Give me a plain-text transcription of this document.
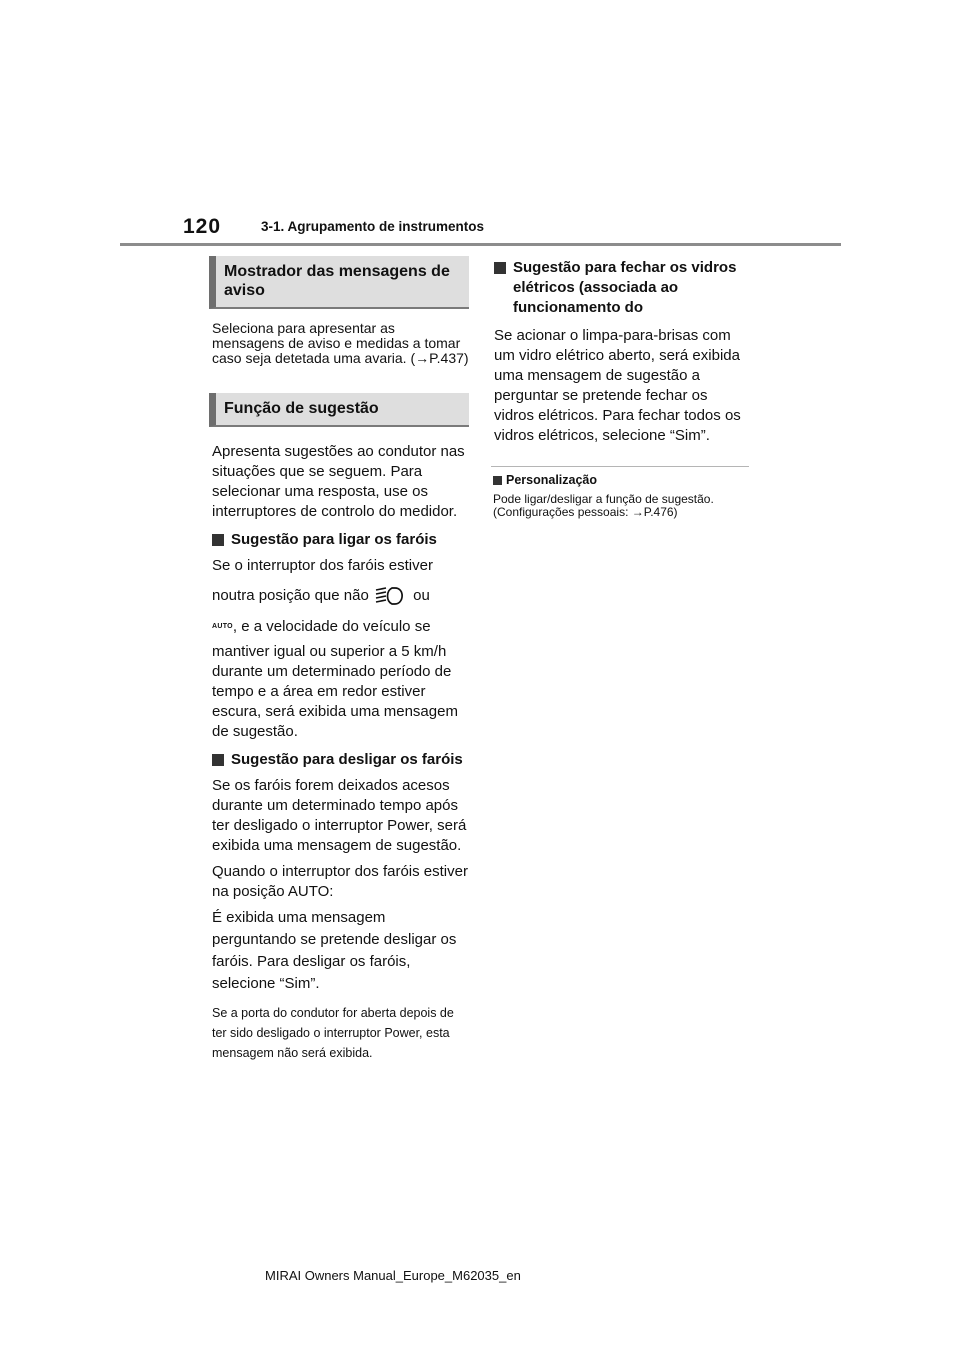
120	3-1. Agrupamento de instrumentos
Mostrador das mensagens de aviso

Seleciona para apresentar as mensagens de aviso e medidas a tomar caso seja detetada uma avaria. (→P.437)

Função de sugestão

Apresenta sugestões ao condutor nas situações que se seguem. Para selecionar uma resposta, use os interruptores de controlo do medidor.

Sugestão para ligar os faróis

Se o interruptor dos faróis estiver

noutra posição que não	ou

$^{AUTO}$, e a velocidade do veículo se

mantiver igual ou superior a 5 km/h durante um determinado período de tempo e a área em redor estiver escura, será exibida uma mensagem de sugestão.

Sugestão para desligar os faróis

Se os faróis forem deixados acesos durante um determinado tempo após ter desligado o interruptor Power, será exibida uma mensagem de sugestão.

Quando o interruptor dos faróis estiver na posição AUTO:

É exibida uma mensagem perguntando se pretende desligar os faróis. Para desligar os faróis, selecione “Sim”.

Se a porta do condutor for aberta depois de ter sido desligado o interruptor Power, esta mensagem não será exibida.

Sugestão para fechar os vidros elétricos (associada ao funcionamento do

Se acionar o limpa-para-brisas com um vidro elétrico aberto, será exibida uma mensagem de sugestão a perguntar se pretende fechar os vidros elétricos. Para fechar todos os vidros elétricos, selecione “Sim”.

Personalização

Pode ligar/desligar a função de sugestão.

(Configurações pessoais: →P.476)

MIRAI Owners Manual_Europe_M62035_en
